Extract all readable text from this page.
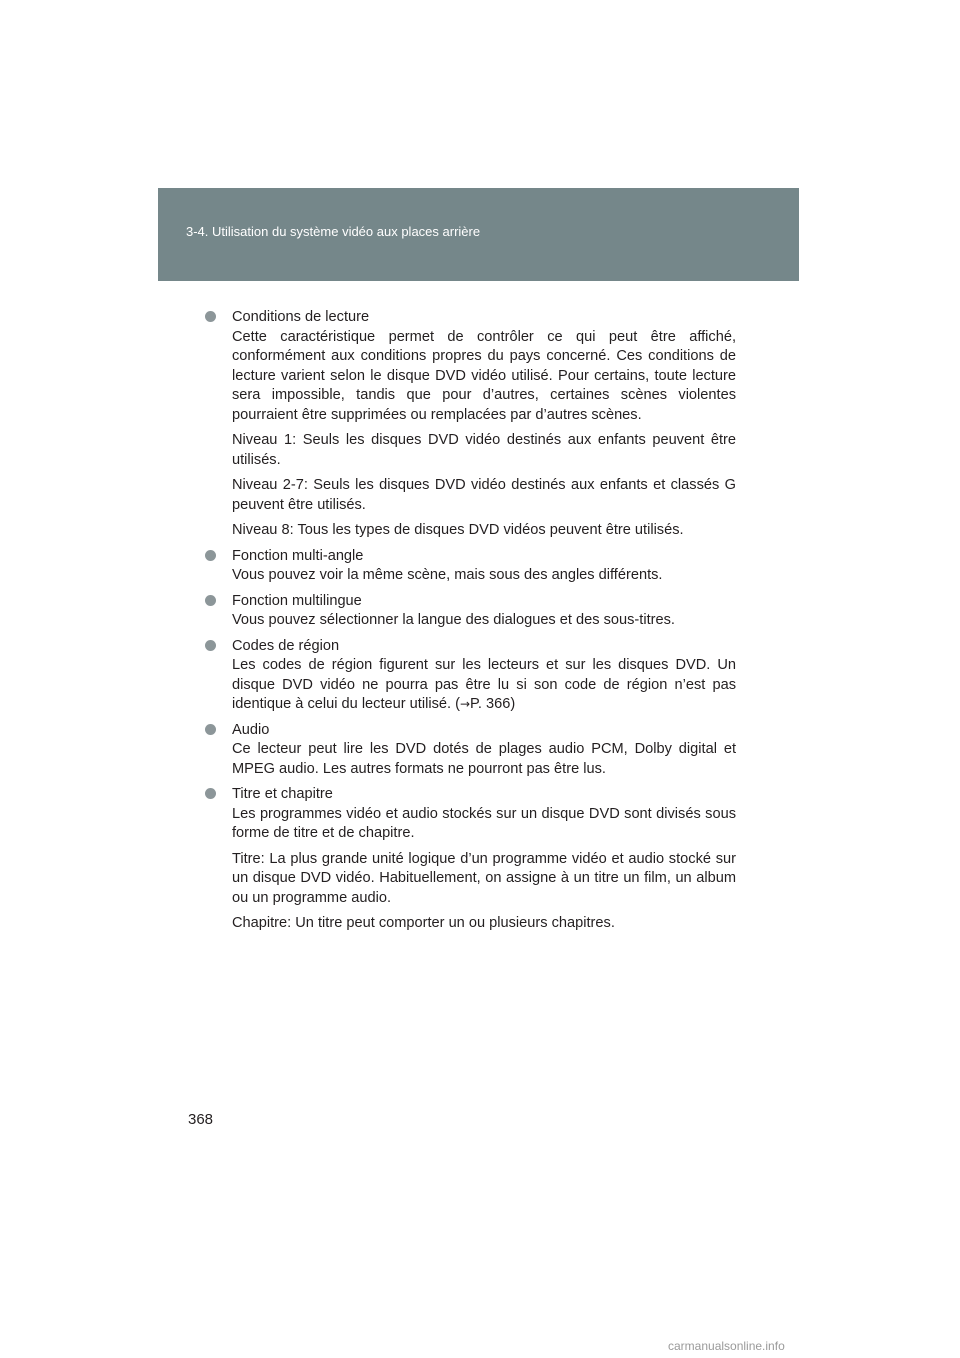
3-4. Utilisation du système vidéo aux places arrière
Conditions de lecture

Cette caractéristique permet de contrôler ce qui peut être affiché, conformément aux conditions propres du pays concerné. Ces conditions de lecture varient selon le disque DVD vidéo utilisé. Pour certains, toute lecture sera impossible, tandis que pour d’autres, certaines scènes violentes pourraient être supprimées ou remplacées par d’autres scènes.

Niveau 1: Seuls les disques DVD vidéo destinés aux enfants peuvent être utilisés.

Niveau 2-7: Seuls les disques DVD vidéo destinés aux enfants et classés G peuvent être utilisés.

Niveau 8: Tous les types de disques DVD vidéos peuvent être utilisés.

Fonction multi-angle

Vous pouvez voir la même scène, mais sous des angles différents.

Fonction multilingue

Vous pouvez sélectionner la langue des dialogues et des sous-titres.

Codes de région

Les codes de région figurent sur les lecteurs et sur les disques DVD. Un disque DVD vidéo ne pourra pas être lu si son code de région n’est pas identique à celui du lecteur utilisé. (→P. 366)

Audio

Ce lecteur peut lire les DVD dotés de plages audio PCM, Dolby digital et MPEG audio. Les autres formats ne pourront pas être lus.

Titre et chapitre

Les programmes vidéo et audio stockés sur un disque DVD sont divisés sous forme de titre et de chapitre.

Titre: La plus grande unité logique d’un programme vidéo et audio stocké sur un disque DVD vidéo. Habituellement, on assigne à un titre un film, un album ou un programme audio.

Chapitre: Un titre peut comporter un ou plusieurs chapitres.

368
carmanualsonline.info
